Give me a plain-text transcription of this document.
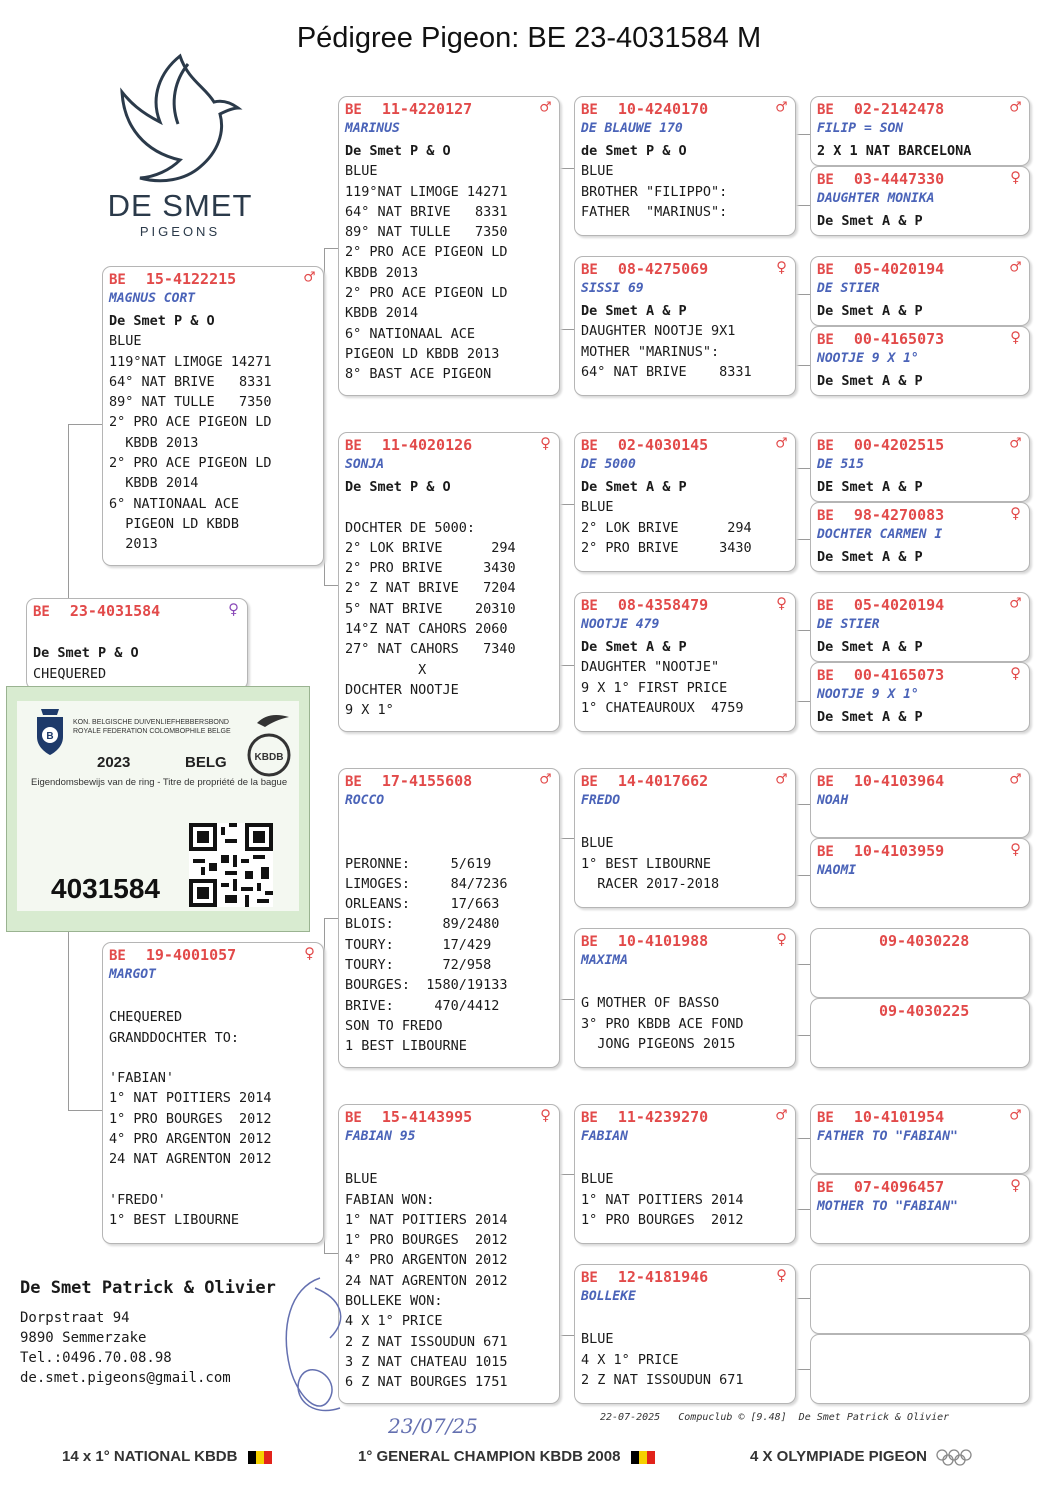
Pédigree Pigeon: BE 23-4031584 M
DE SMET
PIGEONS
BE 23-4031584	♀
De Smet P & O
CHEQUERED
B
KBDB
KON. BELGISCHE DUIVENLIEFHEBBERSBOND
ROYALE FEDERATION COLOMBOPHILE BELGE
2023	BELG
Eigendomsbewijs van de ring - Titre de propriété de la bague
4031584
BE 15-4122215	♂
MAGNUS CORT
De Smet P & O
BLUE
119°NAT LIMOGE 14271
64° NAT BRIVE   8331
89° NAT TULLE   7350
2° PRO ACE PIGEON LD
KBDB 2013
2° PRO ACE PIGEON LD
KBDB 2014
6° NATIONAAL ACE
PIGEON LD KBDB
2013
BE 19-4001057	♀
MARGOT
CHEQUERED
GRANDDOCHTER TO:
'FABIAN'
1° NAT POITIERS 2014
1° PRO BOURGES  2012
4° PRO ARGENTON 2012
24 NAT AGRENTON 2012
'FREDO'
1° BEST LIBOURNE
BE 11-4220127	♂
MARINUS
De Smet P & O
BLUE
119°NAT LIMOGE 14271
64° NAT BRIVE   8331
89° NAT TULLE   7350
2° PRO ACE PIGEON LD
KBDB 2013
2° PRO ACE PIGEON LD
KBDB 2014
6° NATIONAAL ACE
PIGEON LD KBDB 2013
8° BAST ACE PIGEON
BE 11-4020126	♀
SONJA
De Smet P & O
DOCHTER DE 5000:
2° LOK BRIVE      294
2° PRO BRIVE     3430
2° Z NAT BRIVE   7204
5° NAT BRIVE    20310
14°Z NAT CAHORS 2060
27° NAT CAHORS   7340
X
DOCHTER NOOTJE
9 X 1°
BE 17-4155608	♂
ROCCO
PERONNE:     5/619
LIMOGES:     84/7236
ORLEANS:     17/663
BLOIS:      89/2480
TOURY:      17/429
TOURY:      72/958
BOURGES:  1580/19133
BRIVE:     470/4412
SON TO FREDO
1 BEST LIBOURNE
BE 15-4143995	♀
FABIAN 95
BLUE
FABIAN WON:
1° NAT POITIERS 2014
1° PRO BOURGES  2012
4° PRO ARGENTON 2012
24 NAT AGRENTON 2012
BOLLEKE WON:
4 X 1° PRICE
2 Z NAT ISSOUDUN 671
3 Z NAT CHATEAU 1015
6 Z NAT BOURGES 1751
BE 10-4240170	♂
DE BLAUWE 170
de Smet P & O
BLUE
BROTHER "FILIPPO":
FATHER  "MARINUS":
BE 08-4275069	♀
SISSI 69
De Smet A & P
DAUGHTER NOOTJE 9X1
MOTHER "MARINUS":
64° NAT BRIVE    8331
BE 02-4030145	♂
DE 5000
De Smet A & P
BLUE
2° LOK BRIVE      294
2° PRO BRIVE     3430
BE 08-4358479	♀
NOOTJE 479
De Smet A & P
DAUGHTER "NOOTJE"
9 X 1° FIRST PRICE
1° CHATEAUROUX  4759
BE 14-4017662	♂
FREDO
BLUE
1° BEST LIBOURNE
RACER 2017-2018
BE 10-4101988	♀
MAXIMA
G MOTHER OF BASSO
3° PRO KBDB ACE FOND
JONG PIGEONS 2015
BE 11-4239270	♂
FABIAN
BLUE
1° NAT POITIERS 2014
1° PRO BOURGES  2012
BE 12-4181946	♀
BOLLEKE
BLUE
4 X 1° PRICE
2 Z NAT ISSOUDUN 671
BE 02-2142478	♂
FILIP = SON
2 X 1 NAT BARCELONA
BE 03-4447330	♀
DAUGHTER MONIKA
De Smet A & P
BE 05-4020194	♂
DE STIER
De Smet A & P
BE 00-4165073	♀
NOOTJE 9 X 1°
De Smet A & P
BE 00-4202515	♂
DE 515
DE Smet A & P
BE 98-4270083	♀
DOCHTER CARMEN I
De Smet A & P
BE 05-4020194	♂
DE STIER
De Smet A & P
BE 00-4165073	♀
NOOTJE 9 X 1°
De Smet A & P
BE 10-4103964	♂
NOAH
BE 10-4103959	♀
NAOMI
09-4030228
09-4030225
BE 10-4101954	♂
FATHER TO "FABIAN"
BE 07-4096457	♀
MOTHER TO "FABIAN"
De Smet Patrick & Olivier
Dorpstraat 94
9890 Semmerzake
Tel.:0496.70.08.98
de.smet.pigeons@gmail.com
23/07/25	22-07-2025   Compuclub © [9.48]  De Smet Patrick & Olivier
14 x 1° NATIONAL KBDB	1° GENERAL CHAMPION KBDB 2008	4 X OLYMPIADE PIGEON
